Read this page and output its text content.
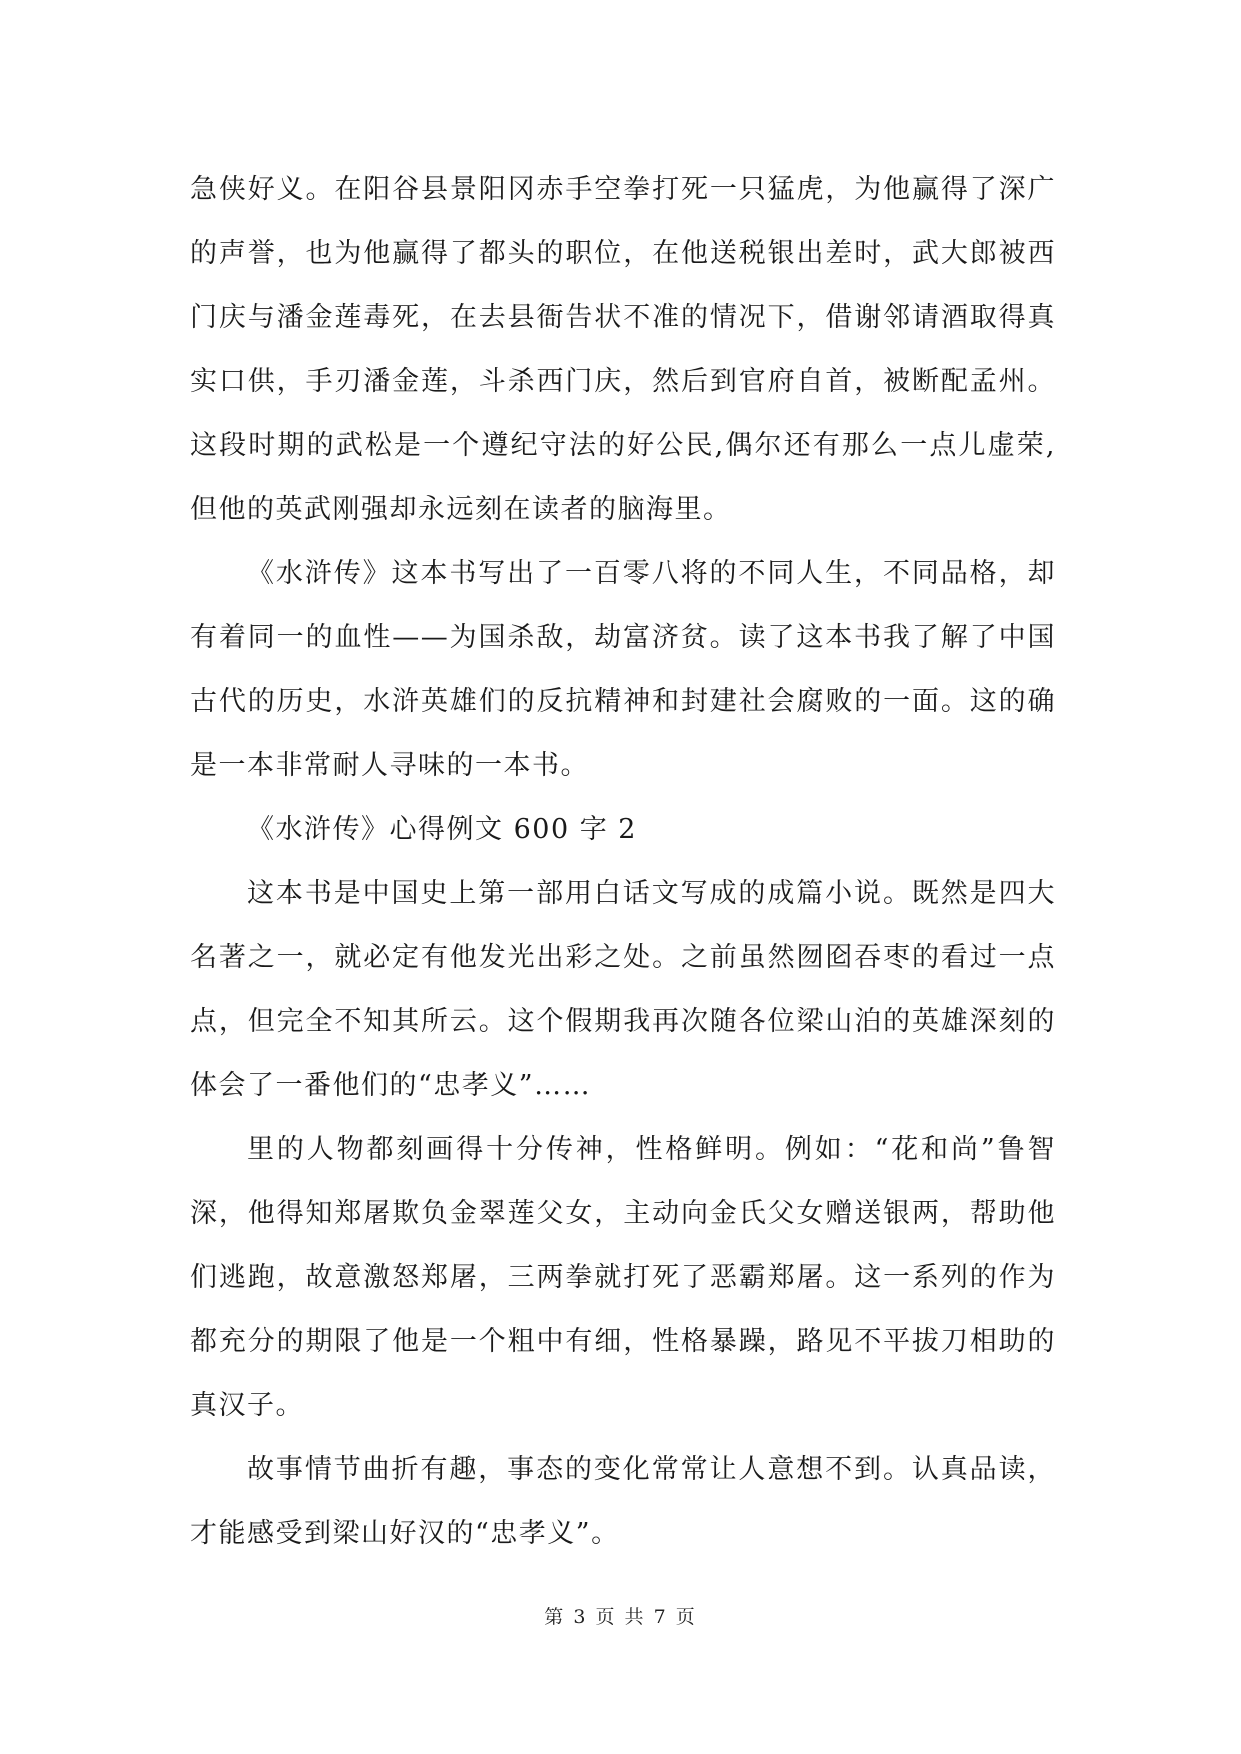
急侠好义。在阳谷县景阳冈赤手空拳打死一只猛虎，为他赢得了深广的声誉，也为他赢得了都头的职位，在他送税银出差时，武大郎被西门庆与潘金莲毒死，在去县衙告状不准的情况下，借谢邻请酒取得真实口供，手刃潘金莲，斗杀西门庆，然后到官府自首，被断配孟州。这段时期的武松是一个遵纪守法的好公民,偶尔还有那么一点儿虚荣,但他的英武刚强却永远刻在读者的脑海里。

《水浒传》这本书写出了一百零八将的不同人生，不同品格，却有着同一的血性——为国杀敌，劫富济贫。读了这本书我了解了中国古代的历史，水浒英雄们的反抗精神和封建社会腐败的一面。这的确是一本非常耐人寻味的一本书。

《水浒传》心得例文 600 字 2

这本书是中国史上第一部用白话文写成的成篇小说。既然是四大名著之一，就必定有他发光出彩之处。之前虽然囫囵吞枣的看过一点点，但完全不知其所云。这个假期我再次随各位梁山泊的英雄深刻的体会了一番他们的“忠孝义”……

里的人物都刻画得十分传神，性格鲜明。例如：“花和尚”鲁智深，他得知郑屠欺负金翠莲父女，主动向金氏父女赠送银两，帮助他们逃跑，故意激怒郑屠，三两拳就打死了恶霸郑屠。这一系列的作为都充分的期限了他是一个粗中有细，性格暴躁，路见不平拔刀相助的真汉子。

故事情节曲折有趣，事态的变化常常让人意想不到。认真品读，才能感受到梁山好汉的“忠孝义”。

第 3 页 共 7 页
